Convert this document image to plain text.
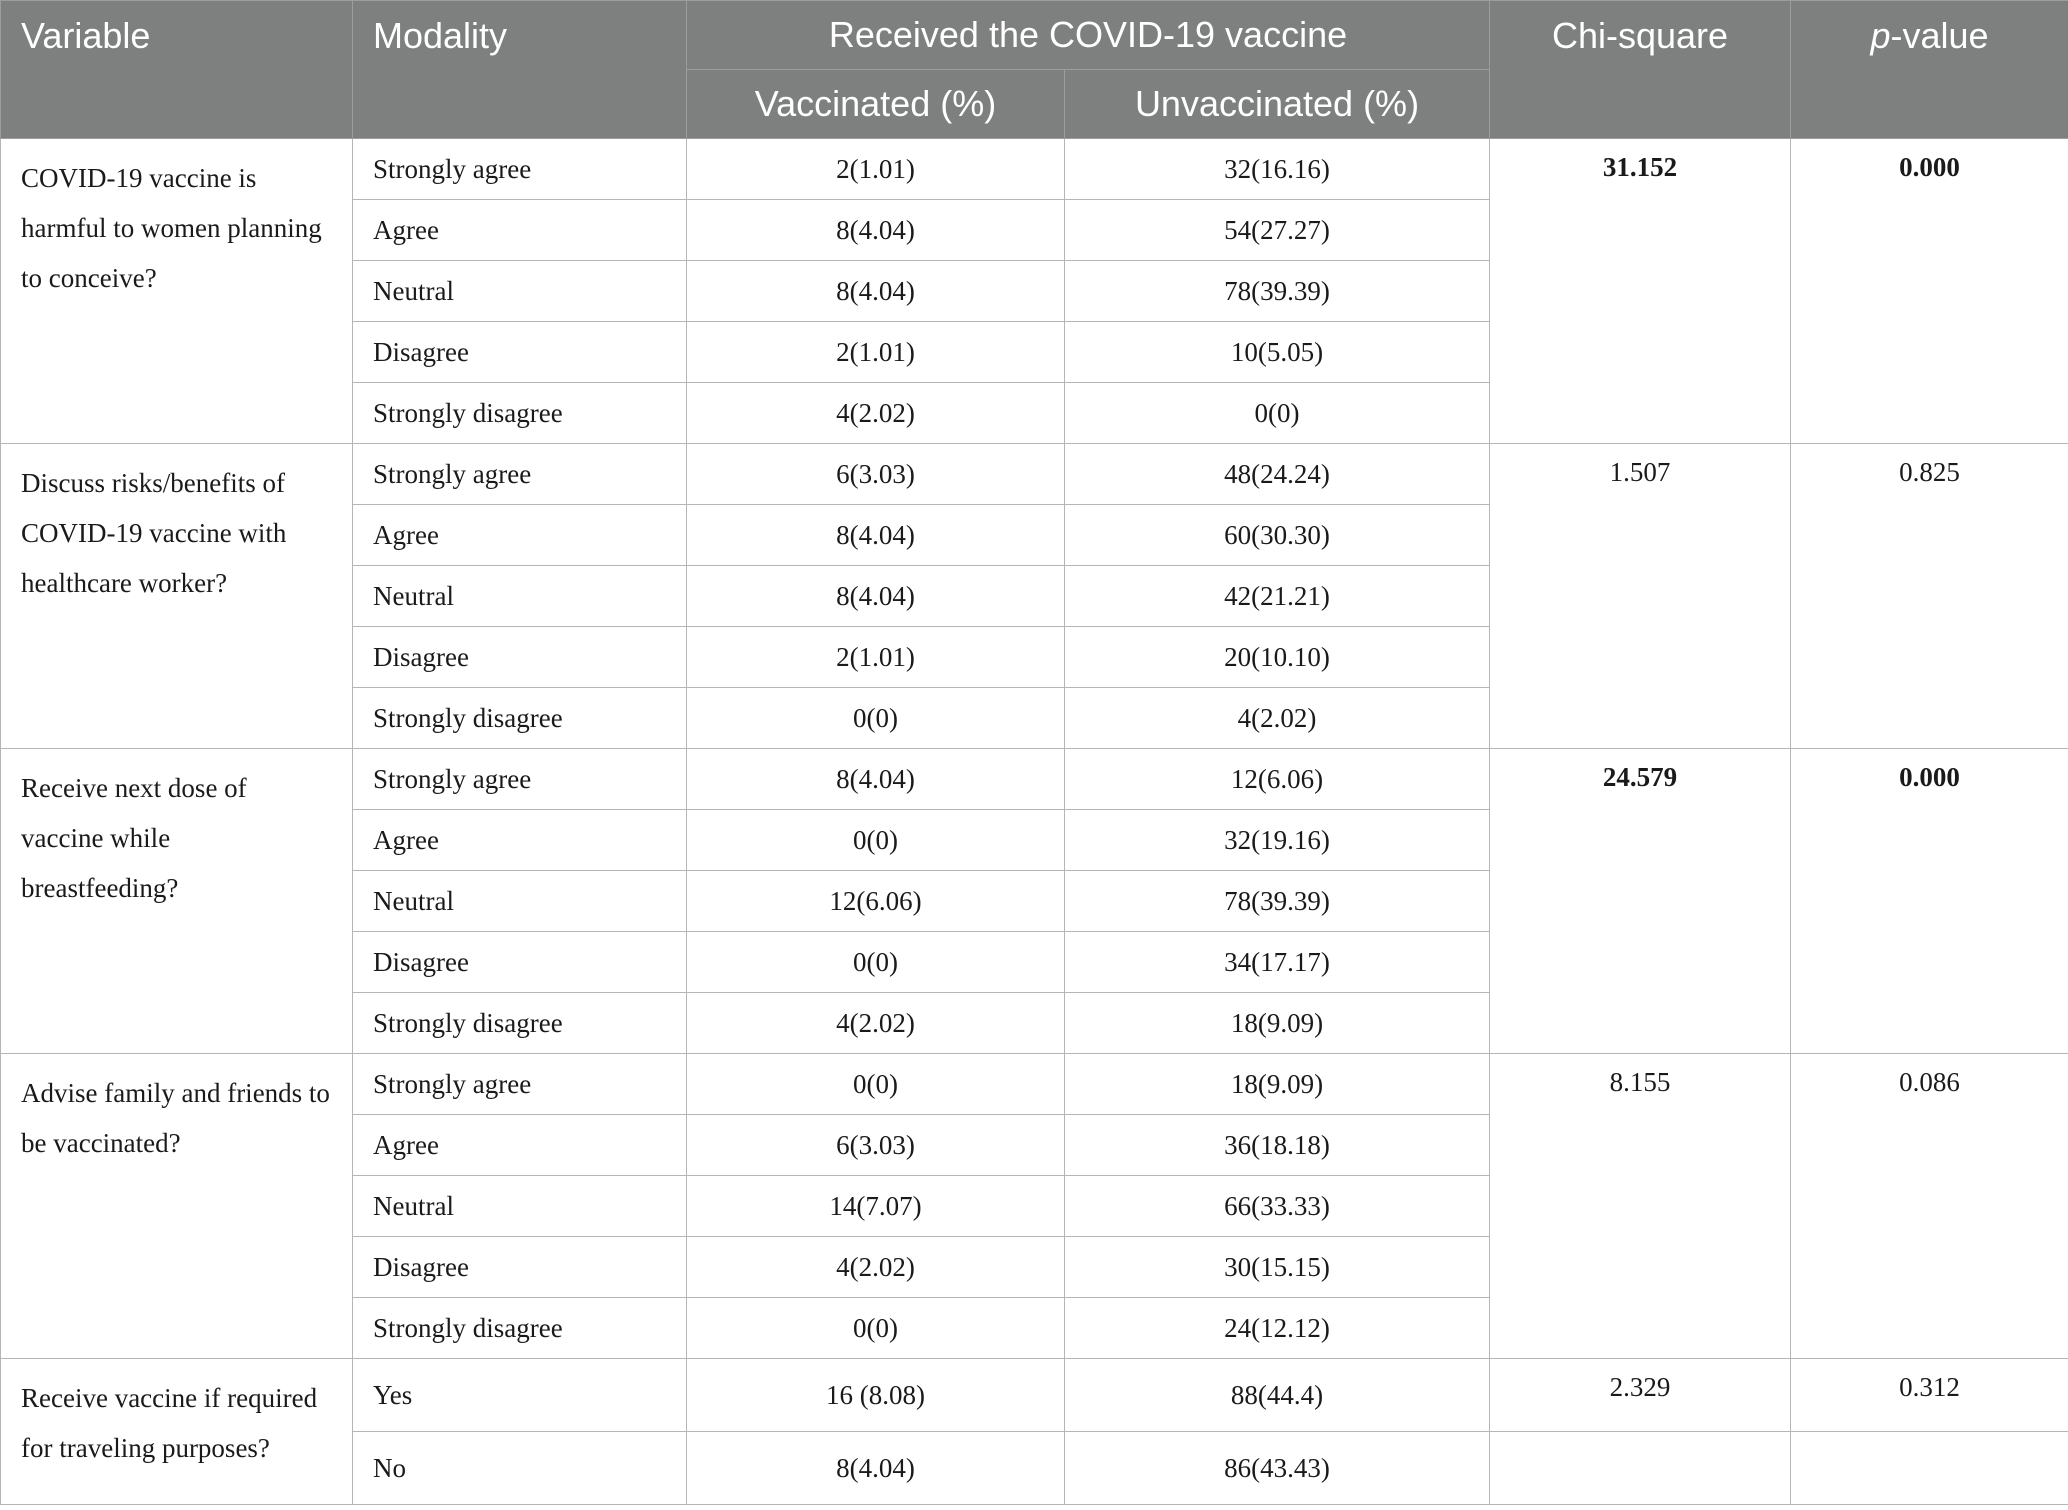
Variable	Modality	Received the COVID-19 vaccine		Chi-square	p-value
		Vaccinated (%)	Unvaccinated (%)		
COVID-19 vaccine is harmful to women planning to conceive?	Strongly agree	2(1.01)	32(16.16)	31.152	0.000
	Agree	8(4.04)	54(27.27)		
	Neutral	8(4.04)	78(39.39)		
	Disagree	2(1.01)	10(5.05)		
	Strongly disagree	4(2.02)	0(0)		
Discuss risks/benefits of COVID-19 vaccine with healthcare worker?	Strongly agree	6(3.03)	48(24.24)	1.507	0.825
	Agree	8(4.04)	60(30.30)		
	Neutral	8(4.04)	42(21.21)		
	Disagree	2(1.01)	20(10.10)		
	Strongly disagree	0(0)	4(2.02)		
Receive next dose of vaccine while breastfeeding?	Strongly agree	8(4.04)	12(6.06)	24.579	0.000
	Agree	0(0)	32(19.16)		
	Neutral	12(6.06)	78(39.39)		
	Disagree	0(0)	34(17.17)		
	Strongly disagree	4(2.02)	18(9.09)		
Advise family and friends to be vaccinated?	Strongly agree	0(0)	18(9.09)	8.155	0.086
	Agree	6(3.03)	36(18.18)		
	Neutral	14(7.07)	66(33.33)		
	Disagree	4(2.02)	30(15.15)		
	Strongly disagree	0(0)	24(12.12)		
Receive vaccine if required for traveling purposes?	Yes	16 (8.08)	88(44.4)	2.329	0.312
	No	8(4.04)	86(43.43)		
